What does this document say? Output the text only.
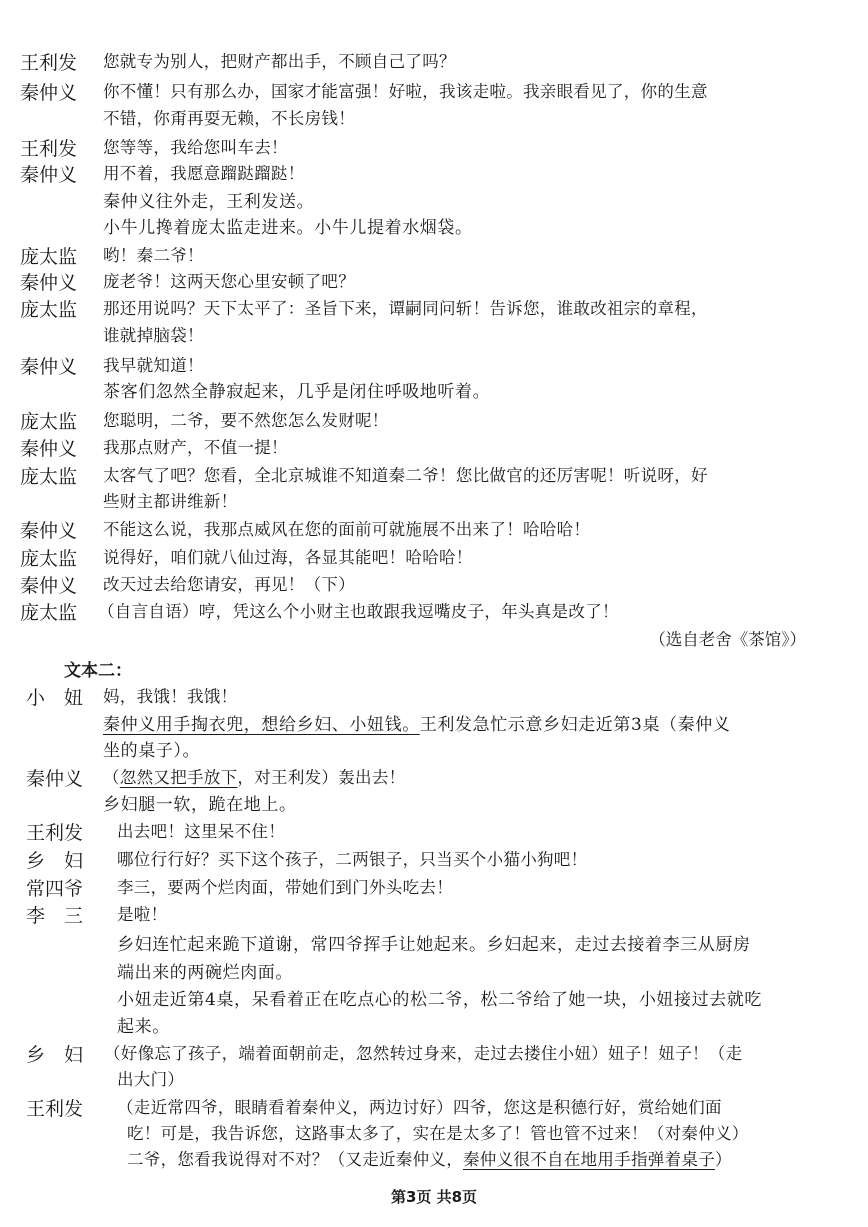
王利发 您就专为别人，把财产都出手，不顾自己了吗？
秦仲义 你不懂！只有那么办，国家才能富强！好啦，我该走啦。我亲眼看见了，你的生意
不错，你甭再耍无赖，不长房钱！
王利发 您等等，我给您叫车去！
秦仲义 用不着，我愿意蹓跶蹓跶！
秦仲义往外走，王利发送。
小牛儿搀着庞太监走进来。小牛儿提着水烟袋。
庞太监 哟！秦二爷！
秦仲义 庞老爷！这两天您心里安顿了吧？
庞太监 那还用说吗？天下太平了：圣旨下来，谭嗣同问斩！告诉您，谁敢改祖宗的章程，
谁就掉脑袋！
秦仲义 我早就知道！
茶客们忽然全静寂起来，几乎是闭住呼吸地听着。
庞太监 您聪明，二爷，要不然您怎么发财呢！
秦仲义 我那点财产，不值一提！
庞太监 太客气了吧？您看，全北京城谁不知道秦二爷！您比做官的还厉害呢！听说呀，好
些财主都讲维新！
秦仲义 不能这么说，我那点威风在您的面前可就施展不出来了！哈哈哈！
庞太监 说得好，咱们就八仙过海，各显其能吧！哈哈哈！
秦仲义 改天过去给您请安，再见！（下）
庞太监 （自言自语）哼，凭这么个小财主也敢跟我逗嘴皮子，年头真是改了！
（选自老舍《茶馆》）
文本二：
小　妞 妈，我饿！我饿！
秦仲义用手掏衣兜，想给乡妇、小妞钱。王利发急忙示意乡妇走近第3桌（秦仲义
坐的桌子）。
秦仲义 （忽然又把手放下，对王利发）轰出去！
乡妇腿一软，跪在地上。
王利发 出去吧！这里呆不住！
乡　妇 哪位行行好？买下这个孩子，二两银子，只当买个小猫小狗吧！
常四爷 李三，要两个烂肉面，带她们到门外头吃去！
李　三 是啦！
乡妇连忙起来跪下道谢，常四爷挥手让她起来。乡妇起来，走过去接着李三从厨房
端出来的两碗烂肉面。
小妞走近第4桌，呆看着正在吃点心的松二爷，松二爷给了她一块，小妞接过去就吃
起来。
乡　妇 （好像忘了孩子，端着面朝前走，忽然转过身来，走过去搂住小妞）妞子！妞子！（走
出大门）
王利发 （走近常四爷，眼睛看着秦仲义，两边讨好）四爷，您这是积德行好，赏给她们面
吃！可是，我告诉您，这路事太多了，实在是太多了！管也管不过来！（对秦仲义）
二爷，您看我说得对不对？（又走近秦仲义，秦仲义很不自在地用手指弹着桌子）
第3页 共8页
